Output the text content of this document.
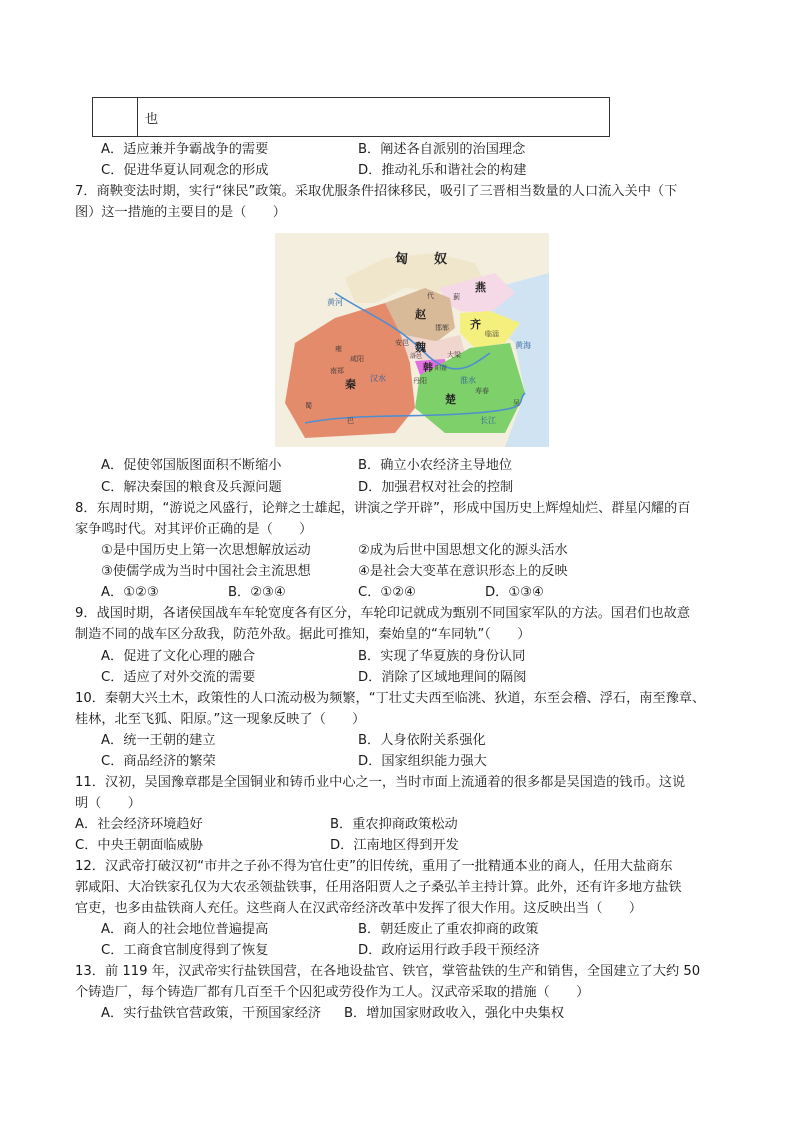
也
A．适应兼并争霸战争的需要	B．阐述各自派别的治国理念
C．促进华夏认同观念的形成	D．推动礼乐和谐社会的构建
7．商鞅变法时期，实行“徕民”政策。采取优服条件招徕移民，吸引了三晋相当数量的人口流入关中（下
图）这一措施的主要目的是（　　）
匈　　奴
燕
赵
齐
魏
韩
楚
秦
黄河
黄海
汉水	淮水
长江
代	蓟
邯郸
临淄
安邑
大梁
阳翟
咸阳
南郑
丹阳
寿春
巴
蜀
雍
吴
洛邑
A．促使邻国版图面积不断缩小	B．确立小农经济主导地位
C．解决秦国的粮食及兵源问题	D．加强君权对社会的控制
8．东周时期，“游说之风盛行，论辩之士雄起，讲演之学开辟”，形成中国历史上辉煌灿烂、群星闪耀的百
家争鸣时代。对其评价正确的是（　　）
①是中国历史上第一次思想解放运动	②成为后世中国思想文化的源头活水
③使儒学成为当时中国社会主流思想	④是社会大变革在意识形态上的反映
A．①②③	B．②③④	C．①②④	D．①③④
9．战国时期，各诸侯国战车车轮宽度各有区分，车轮印记就成为甄别不同国家军队的方法。国君们也故意
制造不同的战车区分敌我，防范外敌。据此可推知，秦始皇的“车同轨”（　　）
A．促进了文化心理的融合	B．实现了华夏族的身份认同
C．适应了对外交流的需要	D．消除了区域地理间的隔阂
10．秦朝大兴土木，政策性的人口流动极为频繁，“丁壮丈夫西至临洮、狄道，东至会稽、浮石，南至豫章、
桂林，北至飞狐、阳原。”这一现象反映了（　　）
A．统一王朝的建立	B．人身依附关系强化
C．商品经济的繁荣	D．国家组织能力强大
11．汉初，吴国豫章郡是全国铜业和铸币业中心之一，当时市面上流通着的很多都是吴国造的钱币。这说
明（　　）
A．社会经济环境趋好	B．重农抑商政策松动
C．中央王朝面临威胁	D．江南地区得到开发
12．汉武帝打破汉初“市井之子孙不得为官仕吏”的旧传统，重用了一批精通本业的商人，任用大盐商东
郭咸阳、大冶铁家孔仅为大农丞领盐铁事，任用洛阳贾人之子桑弘羊主持计算。此外，还有许多地方盐铁
官吏，也多由盐铁商人充任。这些商人在汉武帝经济改革中发挥了很大作用。这反映出当（　　）
A．商人的社会地位普遍提高	B．朝廷废止了重农抑商的政策
C．工商食官制度得到了恢复	D．政府运用行政手段干预经济
13．前 119 年，汉武帝实行盐铁国营，在各地设盐官、铁官，掌管盐铁的生产和销售，全国建立了大约 50
个铸造厂，每个铸造厂都有几百至千个囚犯或劳役作为工人。汉武帝采取的措施（　　）
A．实行盐铁官营政策，干预国家经济 B．增加国家财政收入，强化中央集权
